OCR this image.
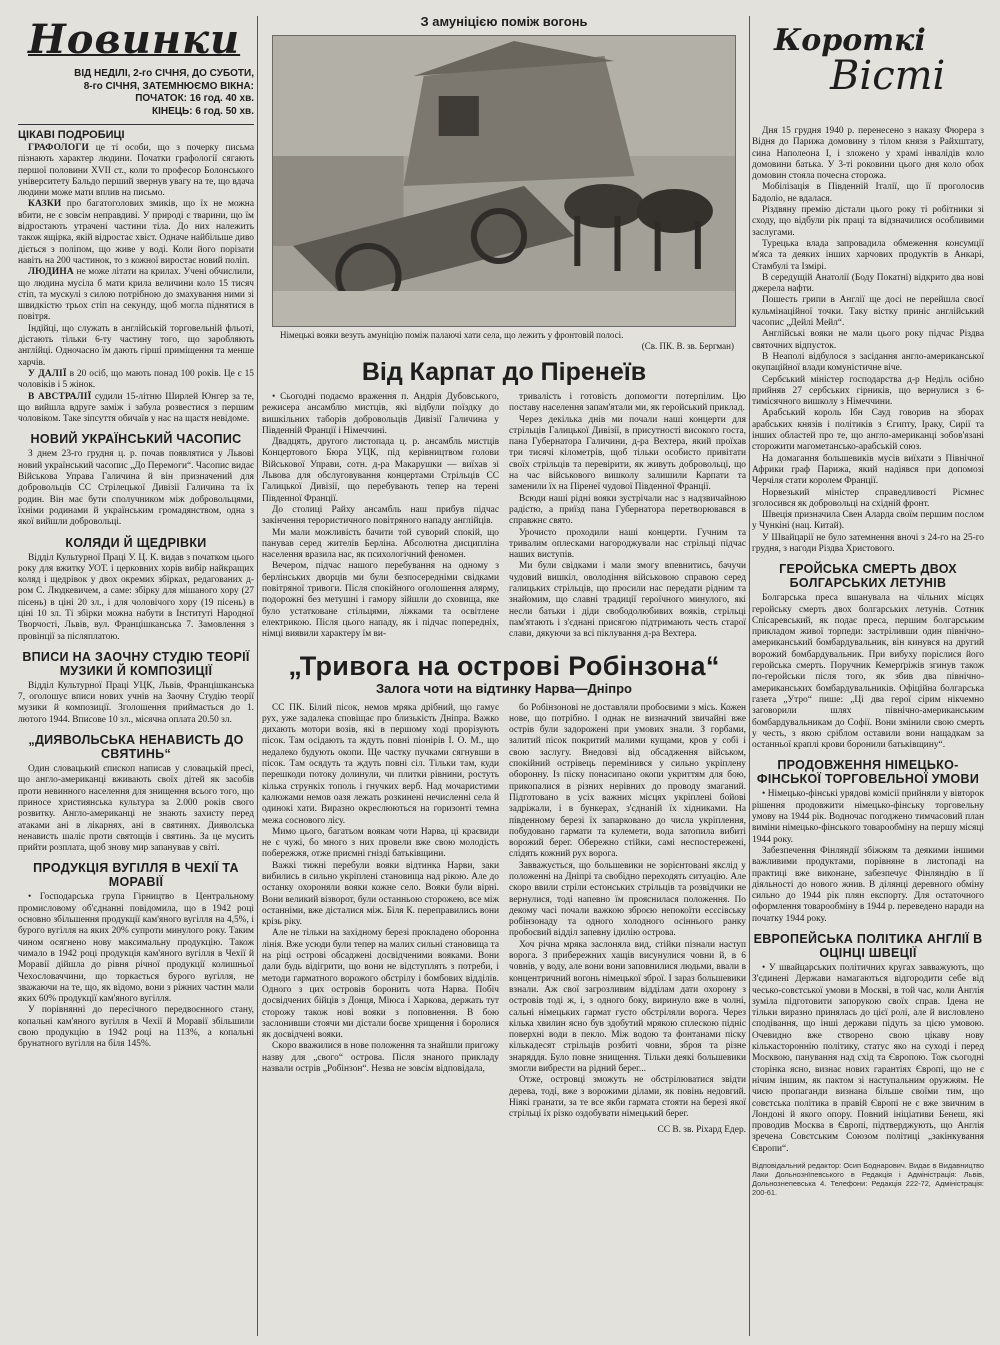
Новинки
ВІД НЕДІЛІ, 2-го СІЧНЯ, ДО СУБОТИ,
8-го СІЧНЯ, ЗАТЕМНЮЄМО ВІКНА:
ПОЧАТОК: 16 год. 40 хв.
КІНЕЦЬ: 6 год. 50 хв.
ЦІКАВІ ПОДРОБИЦІ

ГРАФОЛОГИ це ті особи, що з почерку письма пізнають характер людини. Початки графології сягають першої половини XVII ст., коли то професор Болонського університету Бальдо перший звернув увагу на те, що вдача людини може мати вплив на письмо.

КАЗКИ про багатоголових змиків, що їх не можна вбити, не є зовсім неправдиві. У природі є тварини, що їм відростають утрачені частини тіла. До них належить також ящірка, якій відростає хвіст. Одначе найбільше диво діється з поліпом, що живе у воді. Коли його порізати навіть на 200 частинок, то з кожної виростає новий поліп.

ЛЮДИНА не може літати на крилах. Учені обчислили, що людина мусіла б мати крила величини коло 15 тисяч стіп, та мускулі з силою потрібною до змахування ними зі швидкістю трьох стіп на секунду, щоб могла піднятися в повітря.

Індійці, що служать в англійській торговельній фльоті, дістають тільки 6-ту частину того, що заробляють англійці. Одночасно їм дають гірші приміщення та менше харчів.

У ДАЛІЇ в 20 осіб, що мають понад 100 років. Це є 15 чоловіків і 5 жінок.

В АВСТРАЛІЇ судили 15-літню Ширлей Юнгер за те, що вийшла вдруге заміж і забула розвестися з першим чоловіком. Таке зіпсуття обичаїв у нас на щастя невідоме.

НОВИЙ УКРАЇНСЬКИЙ ЧАСОПИС

З днем 23-го грудня ц. р. почав появлятися у Львові новий український часопис „До Перемоги“. Часопис видає Військова Управа Галичина й він призначений для добровольців СС Стрілецької Дивізії Галичина та їх родин. Він має бути сполучником між добровольцями, їхніми родинами й українським громадянством, одна з якої вийшли добровольці.

КОЛЯДИ Й ЩЕДРІВКИ

Відділ Культурної Праці У. Ц. К. видав з початком цього року для вжитку УОТ. і церковних хорів вибір найкращих коляд і щедрівок у двох окремих збірках, редагованих д-ром С. Людкевичем, а саме: збірку для мішаного хору (27 пісень) в ціні 20 зл., і для чоловічого хору (19 пісень) в ціні 10 зл. Ті збірки можна набути в Інституті Народної Творчості, Львів, вул. Францішканська 7. Замовлення з провінції за післяплатою.

ВПИСИ НА ЗАОЧНУ СТУДІЮ ТЕОРІЇ МУЗИКИ Й КОМПОЗИЦІЇ

Відділ Культурної Праці УЦК, Львів, Францішканська 7, оголошує вписи нових учнів на Заочну Студію теорії музики й композиції. Зголошення приймається до 1. лютого 1944. Вписове 10 зл., місячна оплата 20.50 зл.

„ДИЯВОЛЬСЬКА НЕНАВИСТЬ ДО СВЯТИНЬ“

Один словацький єпископ написав у словацькій пресі, що англо-американці вживають своїх дітей як засобів проти невинного населення для знищення всього того, що приносе християнська культура за 2.000 років свого розвитку. Англо-американці не знають захисту перед атаками ані в лікарнях, ані в святинях. Дияволська ненависть шаліє проти святощів і святинь. За це мусить прийти розплата, щоб знову мир запанував у світі.

ПРОДУКЦІЯ ВУГІЛЛЯ В ЧЕХІЇ ТА МОРАВІЇ

• Господарська група Гірництво в Центральному промисловому об'єднанні повідомила, що в 1942 році основно збільшення продукції кам'яного вугілля на 4,5%, і бурого вугілля на яких 20% супроти минулого року. Таким чином осягнено нову максимальну продукцію. Також чимало в 1942 році продукція кам'яного вугілля в Чехії й Моравії дійшла до рівня річної продукції колишньої Чехословаччини, що торкається бурого вугілля, не зважаючи на те, що, як відомо, вони з ріжних частин мали яких 60% продукції кам'яного вугілля.

У порівнянні до пересічного передвоєнного стану, копальні кам'яного вугілля в Чехії й Моравії збільшили свою продукцію в 1942 році на 113%, а копальні брунатного вугілля на біля 145%.

З амуніцією поміж вогонь
Німецькі вояки везуть амуніцію поміж палаючі хати села, що лежить у фронтовій полосі.
(Св. ПК. В. зв. Бергман)
Від Карпат до Піренеїв

• Сьогодні подаємо враження п. Андрія Дубовського, режисера ансамблю мистців, які відбули поїздку до вишкільних таборів добровольців Дивізії Галичина у Південній Франції і Німеччині.

Двадцять, другого листопада ц. р. ансамбль мистців Концертового Бюра УЦК, під керівництвом голови Військової Управи, сотн. д-ра Макарушки — виїхав зі Львова для обслуговування концертами Стрільців СС Галицької Дивізії, що перебувають тепер на терені Південної Франції.

До столиці Райху ансамбль наш прибув підчас закінчення терористичного повітряного нападу англійців.

Ми мали можливість бачити той суворий спокій, що панував серед жителів Берліна. Абсолютна дисципліна населення вразила нас, як психологічний феномен.

Вечером, підчас нашого перебування на одному з берлінських дворців ми були безпосередніми свідками повітряної тривоги. Після спокійного оголошення алярму, подорожні без метушні і гамору зійшли до сховища, яке було устатковане стільцями, ліжками та освітлене електрикою. Після цього нападу, як і підчас попередніх, німці виявили характеру їм ви-

тривалість і готовість допомогти потерпілим. Цю поставу населення запам'ятали ми, як геройський приклад.

Через декілька днів ми почали наші концерти для стрільців Галицької Дивізії, в присутності високого госта, пана Губернатора Галичини, д-ра Вехтера, який проїхав три тисячі кілометрів, щоб тільки особисто привітати своїх стрільців та перевірити, як живуть добровольці, що на час військового вишколу залишили Карпати та заменили їх на Піренеї чудової Південної Франції.

Всюди наші рідні вояки зустрічали нас з надзвичайною радістю, а приїзд пана Губернатора перетворювався в справжнє свято.

Урочисто проходили наші концерти. Гучним та тривалим оплесками нагороджували нас стрільці підчас наших виступів.

Ми були свідками і мали змогу впевнитись, бачучи чудовий вишкіл, оволодіння військовою справою серед галицьких стрільців, що просили нас передати рідним та знайомим, що славні традиції героїчного минулого, які несли батьки і діди свободолюбивих вояків, стрільці пам'ятають і з'єднані присягою підтримають честь старої слави, дякуючи за всі піклування д-ра Вехтера.

„Тривога на острові Робінзона“
Залога чоти на відтинку Нарва—Дніпро

СС ПК. Білий пісок, немов мряка дрібний, що гамує рух, уже задалека сповіщає про близькість Дніпра. Важко дихають мотори возів, які в першому ході прорізують пісок. Там осідають та ждуть повні піонірів I. О. М., що недалеко будують окопи. Ще частку пучками сягнувши в пісок. Там осядуть та ждуть повні сіл. Тільки там, куди перешкоди потоку долинули, чи плитки рівнини, ростуть кілька стрункіх тополь і гнучких верб. Над мочаристими калюжами немов оазя лежать розкинені нечисленні села й одинокі хати. Виразно окреслюються на горизонті темна межа соснового лісу.

Мимо цього, багатьом воякам чоти Нарва, ці краєвиди не є чужі, бо много з них провели вже свою молодість побережжя, отже приємні гнізді батьківщини.

Важкі тижні перебули вояки відтинка Нарви, заки вибились в сильно укріплені становища над рікою. Але до останку охороняли вояки кожне село. Вояки були вірні. Вони великий візворот, були останньою сторожею, все між останніми, вже дісталися між. Біля К. переправились вони крізь ріку.

Але не тільки на західному березі прокладено оборонна лінія. Вже усюди були тепер на малих сильні становища та на ріці острові обсаджені досвідченими вояками. Вони дали будь відігрити, що вони не відступлять з потреби, і методи гарматного ворожого обстрілу і бомбових відділів. Одного з цих островів боронить чота Нарва. Побіч досвідчених бійців з Донця, Міюса і Харкова, держать тут сторожу також нові вояки з поповнення. В бою заслонивши стоячи ми дістали боєве хрищення і боролися як досвідчені вояки.

Скоро вважилися в нове положення та знайшли пригожу назву для „свого“ острова. Після знаного прикладу назвали острів „Робінзон“. Незва не зовсім відповідала,

бо Робінзонові не доставляли пробоєвими з місь. Кожен нове, що потрібно. І однак не визначний звичайні вже острів були задорожені при умових знали. З горбами, залитий пісок покритий малими кущами, кров у собі і свою заслугу. Внедовзі від обсадження військом, спокійний острівець перемінився у сильно укріплену оборонну. Із піску понасипано окопи укриттям для бою, прикопалися в різних нерівних до проводу змаганий. Підготовано в усіх важних місцях укріплені бойові задріжали, і в бункерах, з'єднаній їх хідниками. На південному березі їх запарковано до числа укріплення, побудовано гармати та кулемети, вода затопила вибиті ворожий берег. Обережно стійки, самі неспостережені, слідять кожний рух ворога.

Завважується, що большевики не зорієнтовані якслід у положенні на Дніпрі та свобідно переходять ситуацію. Але скоро ввили стріли естонських стрільців та розвідчики не вернулися, тоді напевно їм прояснилася положення. По декому часі почали важкою зброєю непокоїти есєсівську робінзонаду та одного холодного осіннього ранку пробоєвий відділ запевну ідилію острова.

Хоч річна мряка заслоняла вид, стійки пізнали наступ ворога. З прибережних хащів висунулися човни й, в 6 човнів, у воду, але вони вони заповнилися людьми, ввали в концентричний вогонь німецької зброї. І зараз большевики взнали. Аж свої загрозливим відділам дати охорону з островів тоді ж, і, з одного боку, виринуло вже в чолні, сальні німецьких гармат густо обстріляли ворога. Через кілька хвилин ясно був здобутий мрякою сплескою підніс поверхні води в пекло. Між водою та фонтанами піску кількадесят стрільців розбиті човни, зброя та різне знаряддя. Було повне знищення. Тільки деякі большевики змогли вибрести на рідний берег...

Отже, островці зможуть не обстрілюватися звідти дерева, тоді, вже з ворожими ділами, як повінь недовгий. Ніякі гранати, за те все якби гармата стояти на березі якої стрільці їх різко оздобувати німецький берег.

СС В. зв. Ріхард Едер.
Короткі
Вісті

Дня 15 грудня 1940 р. перенесено з наказу Фюрера з Відня до Парижа домовину з тілом князя з Райхштату, сина Наполеона І, і зложено у храмі інвалідів коло домовини батька. У 3-ті роковини цього дня коло обох домовин стояла почесна сторожа.

Мобілізація в Південній Італії, що її проголосив Бадоліо, не вдалася.

Різдвяну премію дістали цього року ті робітники зі сходу, що відбули рік праці та відзначилися особливими заслугами.

Турецька влада запровадила обмеження консумції м'яса та деяких інших харчових продуктів в Анкарі, Стамбулі та Ізмірі.

В середущій Анатолії (Боду Покатні) відкрито два нові джерела нафти.

Пошесть грипи в Англії ще досі не перейшла своєї кульмінаційної точки. Таку вістку приніс англійський часопис „Дейлі Мейл“.

Англійські вояки не мали цього року підчас Різдва святочних відпусток.

В Неаполі відбулося з засідання англо-американської окупаційної влади комуністичне віче.

Сербський міністер господарства д-р Неділь осібно прийняв 27 сербських гірників, що вернулися з 6-тимісячного вишколу з Німеччини.

Арабський король Ібн Сауд говорив на зборах арабських князів і політиків з Єгипту, Іраку, Сирії та інших областей про те, що англо-американці зобов'язані сторожити магометансько-арабській союз.

На домагання большевиків мусів виїхати з Північної Африки граф Парижа, який надіявся при допомозі Черчіля стати королем Франції.

Норвезький міністер справедливості Рісмнес зголосився як добровольці на східній фронт.

Швеція призначила Свен Аларда своїм першим послом у Чункіні (нац. Китай).

У Швайцарії не було затемнення вночі з 24-го на 25-го грудня, з нагоди Різдва Христового.

ГЕРОЙСЬКА СМЕРТЬ ДВОХ БОЛГАРСЬКИХ ЛЕТУНІВ

Болгарська преса вшанувала на чільних місцях геройську смерть двох болгарських летунів. Сотник Спісаревський, як подає преса, першим болгарським прикладом живої торпеди: застріливши один північно-американський бомбардувальник, він кинувся на другий ворожий бомбардувальник. При вибуху поріслися його геройська смерть. Поручник Кемерґріжів згинув також по-геройськи після того, як збив два північно-американських бомбардувальників. Офіційна болгарська газета „Утро“ пише: „Ці два герої сірим нікчемно заговорили шлях північно-американським бомбардувальникам до Софії. Вони змінили свою смерть у честь, з якою сріблом оставили вони нащадкам за останньої краплі крови боронили батьківщину“.

ПРОДОВЖЕННЯ НІМЕЦЬКО-ФІНСЬКОЇ ТОРГОВЕЛЬНОЇ УМОВИ

• Німецько-фінські урядові комісії прийняли у вівторок рішення продовжити німецько-фінську торговельну умову на 1944 рік. Водночас погоджено тимчасовий план виміни німецько-фінського товарообміну на першу місяці 1944 року.

Забезпечення Фінляндії збіжжям та деякими іншими важливими продуктами, порівняне в листопаді на практиці вже виконане, забезпечує Фінляндію в її діяльності до нового жнив. В ділянці деревного обміну сильно до 1944 рік плян експорту. Для остаточного оформлення товарообміну в 1944 р. переведено наради на початку 1944 року.

ЕВРОПЕЙСЬКА ПОЛІТИКА АНГЛІЇ В ОЦІНЦІ ШВЕЦІЇ

• У швайцарських політичних кругах завважують, що З'єдинені Держави намагаються відгородити себе від чесько-совєтської умови в Москві, в той час, коли Англія зуміла підготовити запорукою своїх справ. Ідена не тільки виразно принялась до цієї ролі, але й висловлено сподівання, що інші держави підуть за цією умовою. Очевидно вже створено свою цікаву нову кількастороннію політику, статус яко на суході і перед Москвою, панування над схід та Європою. Тож сьогодні сторінка ясно, визнає нових гарантіях Європі, що не є нічим іншим, як пактом зі наступальним оружжям. Не чиєю пропаганди визнана більше своїми тим, що совєтська політика в правій Європі не є вже звичним в Лондоні й якого опору. Повний ініціативи Бенеш, які проводив Москва в Європі, підтверджують, що Англія зречена Совєтським Союзом політиці „закінкування Європи“.

Відповідальний редактор: Осип Боднарович. Видає в Видавництво Лаки Дольнознїпевського в Редакція і Адміністрація: Львів, Дольнознепевська 4. Телефони: Редакція 222-72, Адміністрація: 200-61.
